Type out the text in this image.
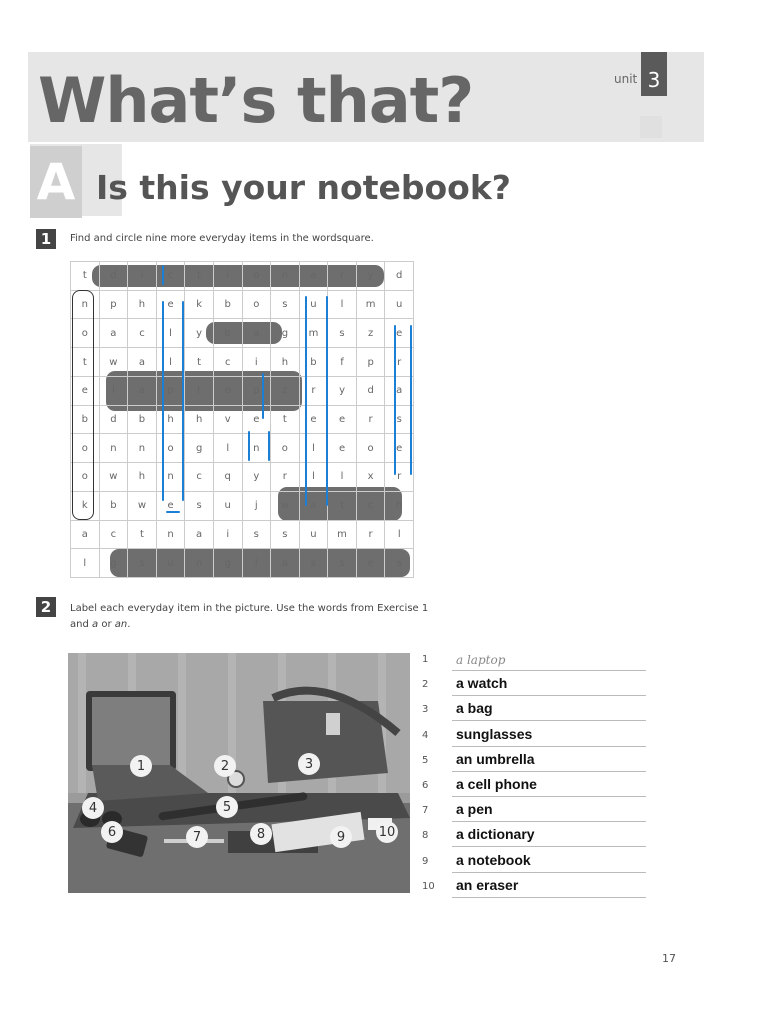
What’s that?	unit 3
A Is this your notebook?
1	Find and circle nine more everyday items in the wordsquare.
t	d	i	c	t	i	o	n	a	r	y	d
n	p	h	e	k	b	o	s	u	l	m	u
o	a	c	l	y	b	a	g	m	s	z	e
t	w	a	l	t	c	i	h	b	f	p	r
e	l	a	p	t	o	p	z	r	y	d	a
b	d	b	h	h	v	e	t	e	e	r	s
o	n	n	o	g	l	n	o	l	e	o	e
o	w	h	n	c	q	y	r	l	l	x	r
k	b	w	e	s	u	j	w	a	t	c	h
a	c	t	n	a	i	s	s	u	m	r	l
l	g	s	u	n	g	l	a	s	s	e	s
2	Label each everyday item in the picture. Use the words from Exercise 1
and a or an.
1	2	3
4	5
6	7	8	9	10
1	a laptop
2	a watch
3	a bag
4	sunglasses
5	an umbrella
6	a cell phone
7	a pen
8	a dictionary
9	a notebook
10	an eraser
17
